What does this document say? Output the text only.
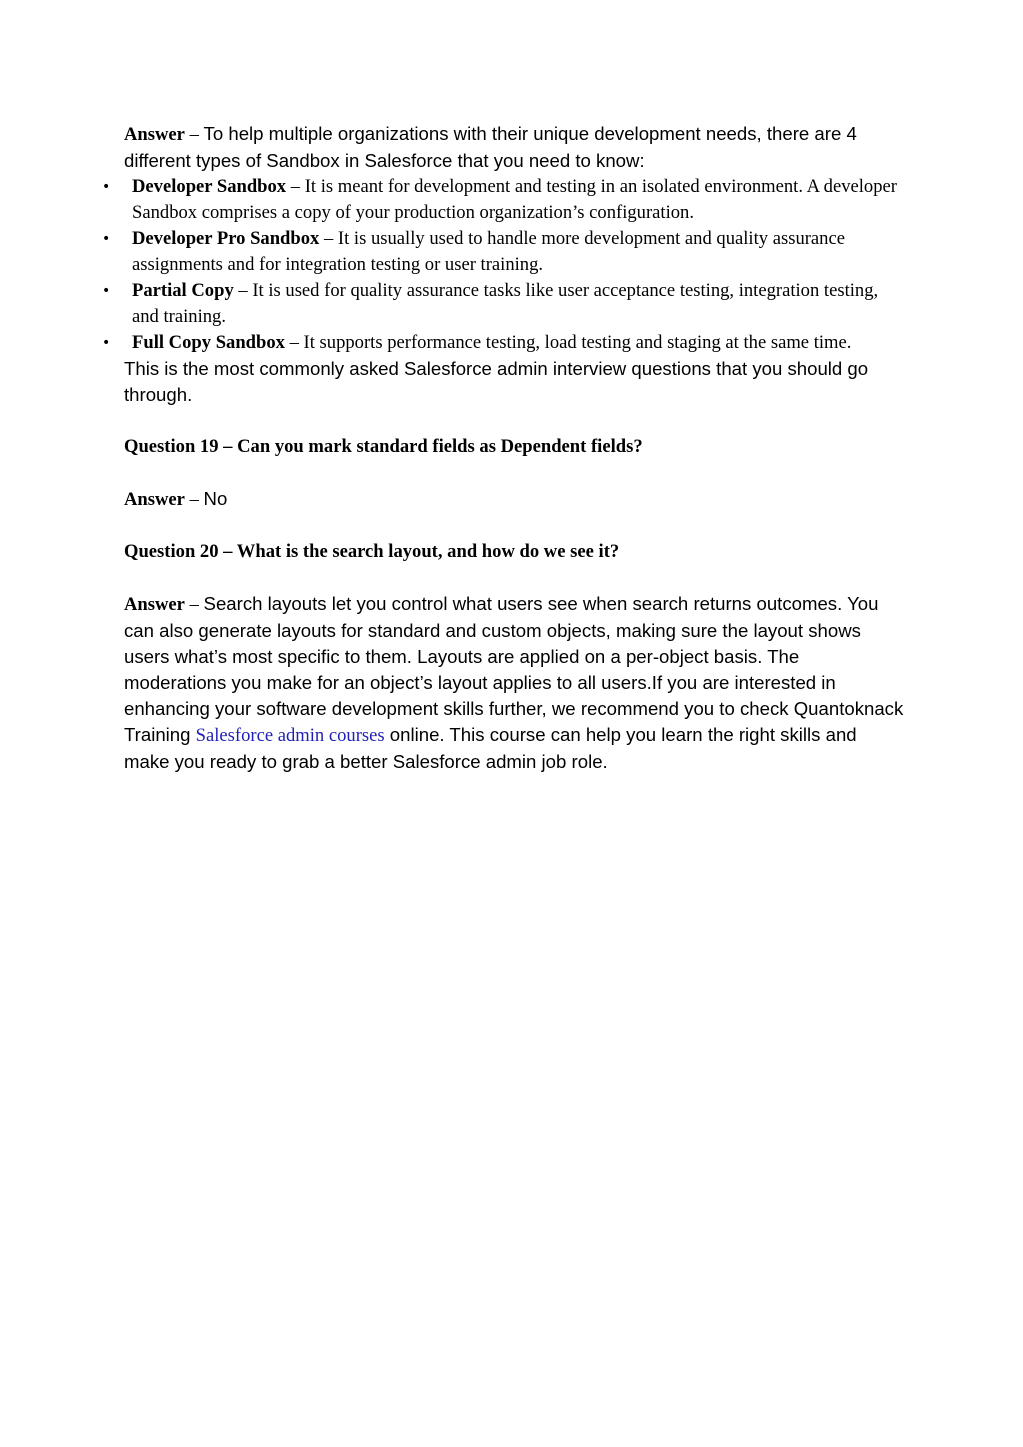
Answer – To help multiple organizations with their unique development needs, there are 4 different types of Sandbox in Salesforce that you need to know:

• Developer Sandbox – It is meant for development and testing in an isolated environment. A developer Sandbox comprises a copy of your production organization’s configuration.
• Developer Pro Sandbox – It is usually used to handle more development and quality assurance assignments and for integration testing or user training.
• Partial Copy – It is used for quality assurance tasks like user acceptance testing, integration testing, and training.
• Full Copy Sandbox – It supports performance testing, load testing and staging at the same time.

This is the most commonly asked Salesforce admin interview questions that you should go through.

Question 19 – Can you mark standard fields as Dependent fields?

Answer – No

Question 20 – What is the search layout, and how do we see it?

Answer – Search layouts let you control what users see when search returns outcomes. You can also generate layouts for standard and custom objects, making sure the layout shows users what’s most specific to them. Layouts are applied on a per-object basis. The moderations you make for an object’s layout applies to all users.If you are interested in enhancing your software development skills further, we recommend you to check Quantoknack Training Salesforce admin courses online. This course can help you learn the right skills and make you ready to grab a better Salesforce admin job role.
